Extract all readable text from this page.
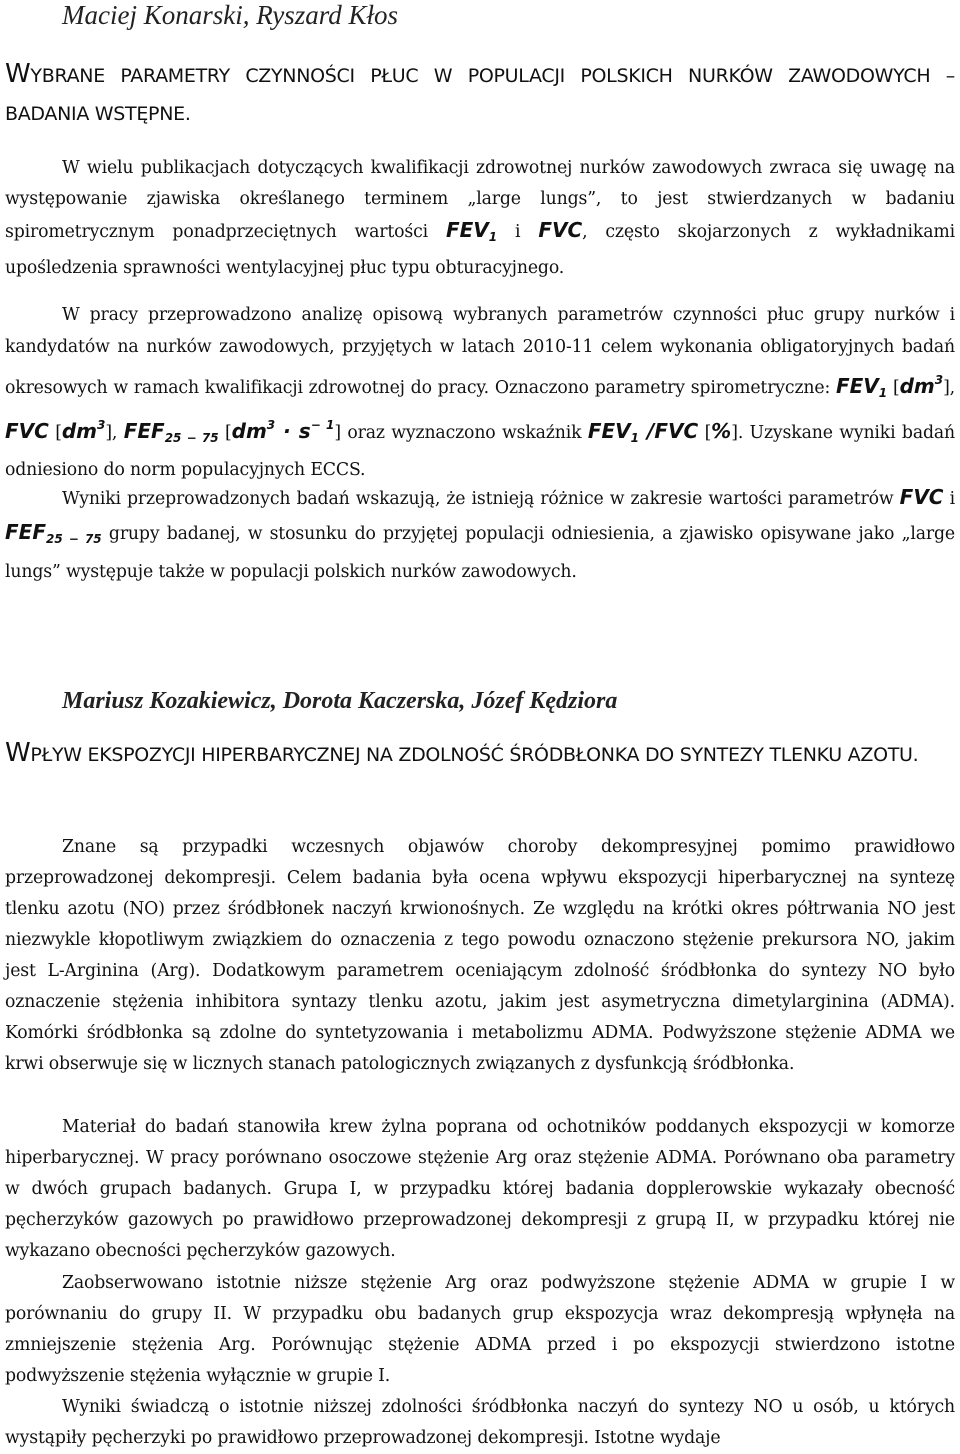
Maciej Konarski, Ryszard Kłos

WYBRANE PARAMETRY CZYNNOŚCI PŁUC W POPULACJI POLSKICH NURKÓW ZAWODOWYCH – BADANIA WSTĘPNE.

W wielu publikacjach dotyczących kwalifikacji zdrowotnej nurków zawodowych zwraca się uwagę na występowanie zjawiska określanego terminem „large lungs”, to jest stwierdzanych w badaniu spirometrycznym ponadprzeciętnych wartości $FEV_1$ i FVC, często skojarzonych z wykładnikami upośledzenia sprawności wentylacyjnej płuc typu obturacyjnego.

W pracy przeprowadzono analizę opisową wybranych parametrów czynności płuc grupy nurków i kandydatów na nurków zawodowych, przyjętych w latach 2010-11 celem wykonania obligatoryjnych badań okresowych w ramach kwalifikacji zdrowotnej do pracy. Oznaczono parametry spirometryczne: $FEV_1$ $[dm^3]$, FVC $[dm^3]$, $FEF_{25 - 75}$ $[dm^3 \cdot s^{- 1}]$ oraz wyznaczono wskaźnik $FEV_1$ /FVC [%]. Uzyskane wyniki badań odniesiono do norm populacyjnych ECCS.

Wyniki przeprowadzonych badań wskazują, że istnieją różnice w zakresie wartości parametrów FVC i $FEF_{25 - 75}$ grupy badanej, w stosunku do przyjętej populacji odniesienia, a zjawisko opisywane jako „large lungs” występuje także w populacji polskich nurków zawodowych.

Mariusz Kozakiewicz, Dorota Kaczerska, Józef Kędziora

WPŁYW EKSPOZYCJI HIPERBARYCZNEJ NA ZDOLNOŚĆ ŚRÓDBŁONKA DO SYNTEZY TLENKU AZOTU.

Znane są przypadki wczesnych objawów choroby dekompresyjnej pomimo prawidłowo przeprowadzonej dekompresji. Celem badania była ocena wpływu ekspozycji hiperbarycznej na syntezę tlenku azotu (NO) przez śródbłonek naczyń krwionośnych. Ze względu na krótki okres półtrwania NO jest niezwykle kłopotliwym związkiem do oznaczenia z tego powodu oznaczono stężenie prekursora NO, jakim jest L-Arginina (Arg). Dodatkowym parametrem oceniającym zdolność śródbłonka do syntezy NO było oznaczenie stężenia inhibitora syntazy tlenku azotu, jakim jest asymetryczna dimetylarginina (ADMA). Komórki śródbłonka są zdolne do syntetyzowania i metabolizmu ADMA. Podwyższone stężenie ADMA we krwi obserwuje się w licznych stanach patologicznych związanych z dysfunkcją śródbłonka.

Materiał do badań stanowiła krew żylna poprana od ochotników poddanych ekspozycji w komorze hiperbarycznej. W pracy porównano osoczowe stężenie Arg oraz stężenie ADMA. Porównano oba parametry w dwóch grupach badanych. Grupa I, w przypadku której badania dopplerowskie wykazały obecność pęcherzyków gazowych po prawidłowo przeprowadzonej dekompresji z grupą II, w przypadku której nie wykazano obecności pęcherzyków gazowych.

Zaobserwowano istotnie niższe stężenie Arg oraz podwyższone stężenie ADMA w grupie I w porównaniu do grupy II. W przypadku obu badanych grup ekspozycja wraz dekompresją wpłynęła na zmniejszenie stężenia Arg. Porównując stężenie ADMA przed i po ekspozycji stwierdzono istotne podwyższenie stężenia wyłącznie w grupie I.

Wyniki świadczą o istotnie niższej zdolności śródbłonka naczyń do syntezy NO u osób, u których wystąpiły pęcherzyki po prawidłowo przeprowadzonej dekompresji. Istotne wydaje
